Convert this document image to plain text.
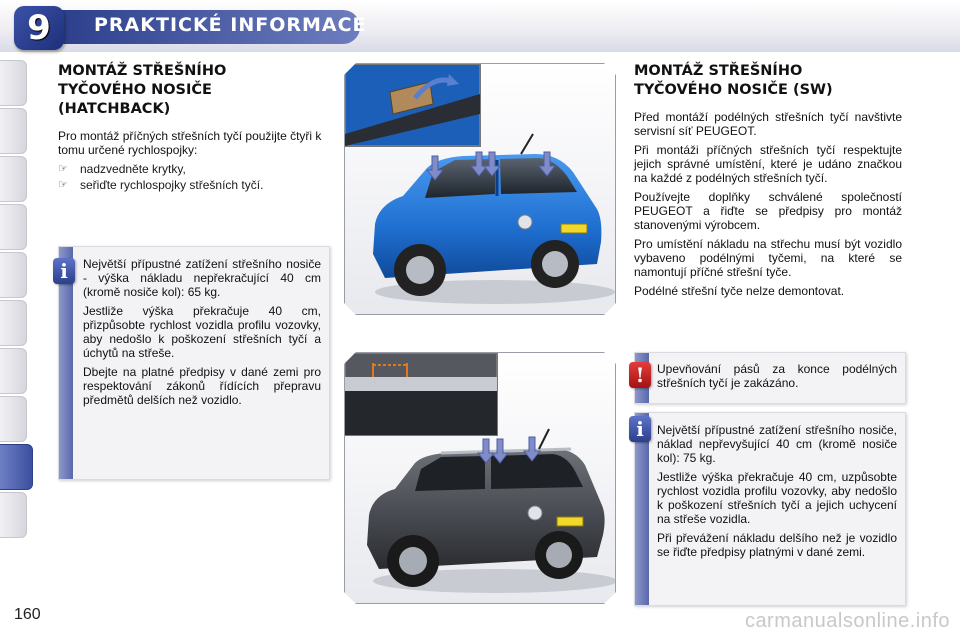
9 PRAKTICKÉ INFORMACE
MONTÁŽ STŘEŠNÍHO
TYČOVÉHO NOSIČE
(HATCHBACK)

Pro montáž příčných střešních tyčí použijte čtyři k tomu určené rychlospojky:

☞	nadzvedněte krytky,
☞	seřiďte rychlospojky střešních tyčí.

Největší přípustné zatížení střešního nosiče - výška nákladu nepřekračující 40 cm (kromě nosiče kol): 65 kg.

Jestliže výška překračuje 40 cm, přizpůsobte rychlost vozidla profilu vozovky, aby nedošlo k poškození střešních tyčí a úchytů na střeše.

Dbejte na platné předpisy v dané zemi pro respektování zákonů řídících přepravu předmětů delších než vozidlo.

i
MONTÁŽ STŘEŠNÍHO
TYČOVÉHO NOSIČE (SW)

Před montáží podélných střešních tyčí navštivte servisní síť PEUGEOT.

Při montáži příčných střešních tyčí respektujte jejich správné umístění, které je udáno značkou na každé z podélných střešních tyčí.

Používejte doplňky schválené společností PEUGEOT a řiďte se předpisy pro montáž stanovenými výrobcem.

Pro umístění nákladu na střechu musí být vozidlo vybaveno podélnými tyčemi, na které se namontují příčné střešní tyče.

Podélné střešní tyče nelze demontovat.

Upevňování pásů za konce podélných střešních tyčí je zakázáno.

!

Největší přípustné zatížení střešního nosiče, náklad nepřevyšující 40 cm (kromě nosiče kol): 75 kg.

Jestliže výška překračuje 40 cm, uzpůsobte rychlost vozidla profilu vozovky, aby nedošlo k poškození střešních tyčí a jejich uchycení na střeše vozidla.

Při převážení nákladu delšího než je vozidlo se řiďte předpisy platnými v dané zemi.

i
160	carmanualsonline.info
